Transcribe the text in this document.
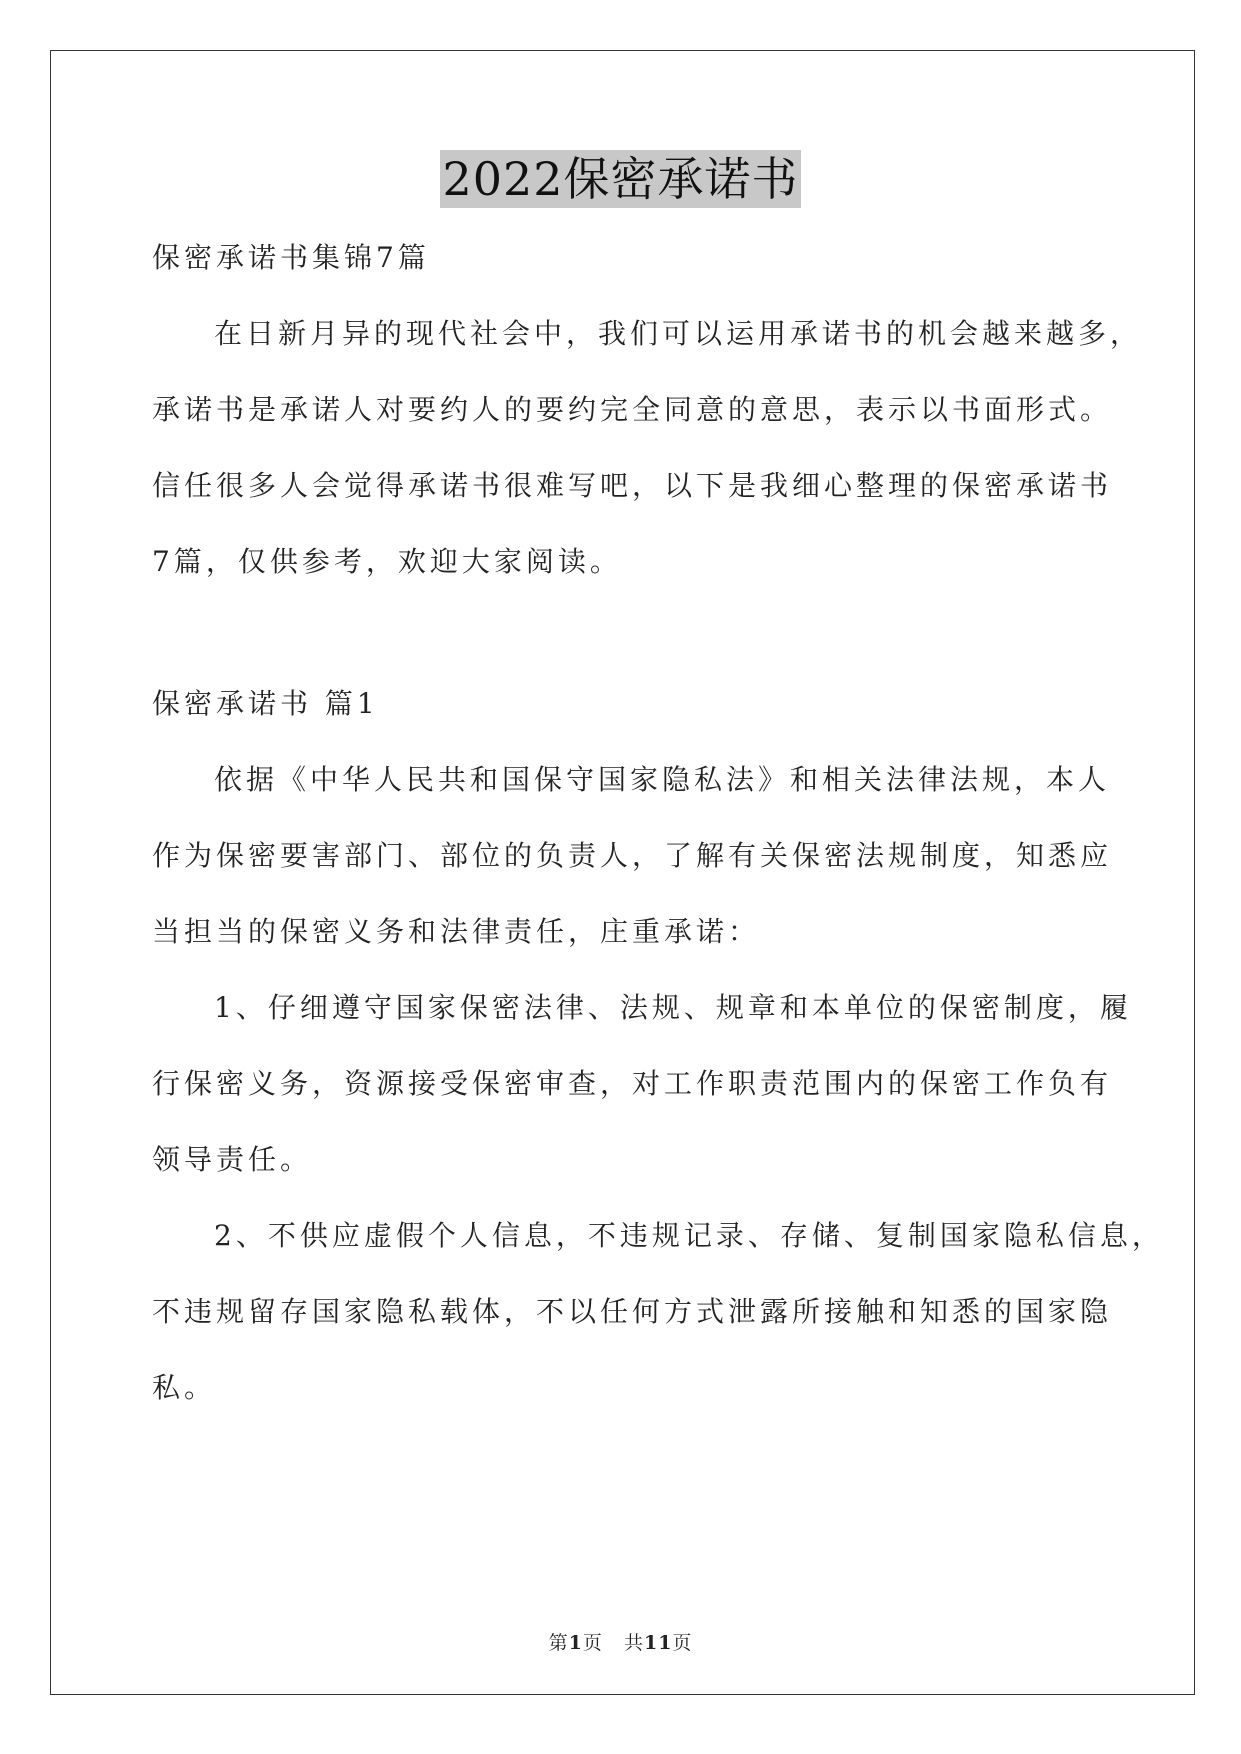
2022保密承诺书
保密承诺书集锦7篇
在日新月异的现代社会中，我们可以运用承诺书的机会越来越多，
承诺书是承诺人对要约人的要约完全同意的意思，表示以书面形式。
信任很多人会觉得承诺书很难写吧，以下是我细心整理的保密承诺书
7篇，仅供参考，欢迎大家阅读。
保密承诺书 篇1
依据《中华人民共和国保守国家隐私法》和相关法律法规，本人
作为保密要害部门、部位的负责人，了解有关保密法规制度，知悉应
当担当的保密义务和法律责任，庄重承诺：
1、仔细遵守国家保密法律、法规、规章和本单位的保密制度，履
行保密义务，资源接受保密审查，对工作职责范围内的保密工作负有
领导责任。
2、不供应虚假个人信息，不违规记录、存储、复制国家隐私信息，
不违规留存国家隐私载体，不以任何方式泄露所接触和知悉的国家隐
私。
第1页 共11页
